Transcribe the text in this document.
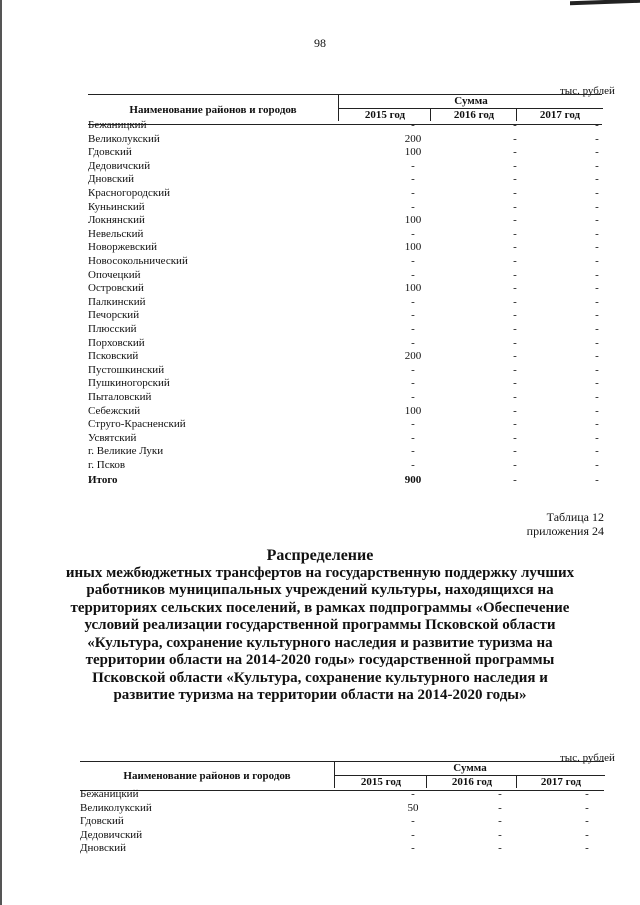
98
тыс. рублей
Наименование районов и городов
Сумма
2015 год	2016 год	2017 год
Бежаницкий	-	-	-
Великолукский	200	-	-
Гдовский	100	-	-
Дедовичский	-	-	-
Дновский	-	-	-
Красногородский	-	-	-
Куньинский	-	-	-
Локнянский	100	-	-
Невельский	-	-	-
Новоржевский	100	-	-
Новосокольнический	-	-	-
Опочецкий	-	-	-
Островский	100	-	-
Палкинский	-	-	-
Печорский	-	-	-
Плюсский	-	-	-
Порховский	-	-	-
Псковский	200	-	-
Пустошкинский	-	-	-
Пушкиногорский	-	-	-
Пыталовский	-	-	-
Себежский	100	-	-
Струго-Красненский	-	-	-
Усвятский	-	-	-
г. Великие Луки	-	-	-
г. Псков	-	-	-
Итого	900	-	-
Таблица 12
приложения 24
Распределение
иных межбюджетных трансфертов на государственную поддержку лучших
работников муниципальных учреждений культуры, находящихся на
территориях сельских поселений, в рамках подпрограммы «Обеспечение
условий реализации государственной программы Псковской области
«Культура, сохранение культурного наследия и развитие туризма на
территории области на 2014-2020 годы» государственной программы
Псковской области «Культура, сохранение культурного наследия и
развитие туризма на территории области на 2014-2020 годы»
тыс. рублей
Наименование районов и городов
Сумма
2015 год	2016 год	2017 год
Бежаницкий	-	-	-
Великолукский	50	-	-
Гдовский	-	-	-
Дедовичский	-	-	-
Дновский	-	-	-
